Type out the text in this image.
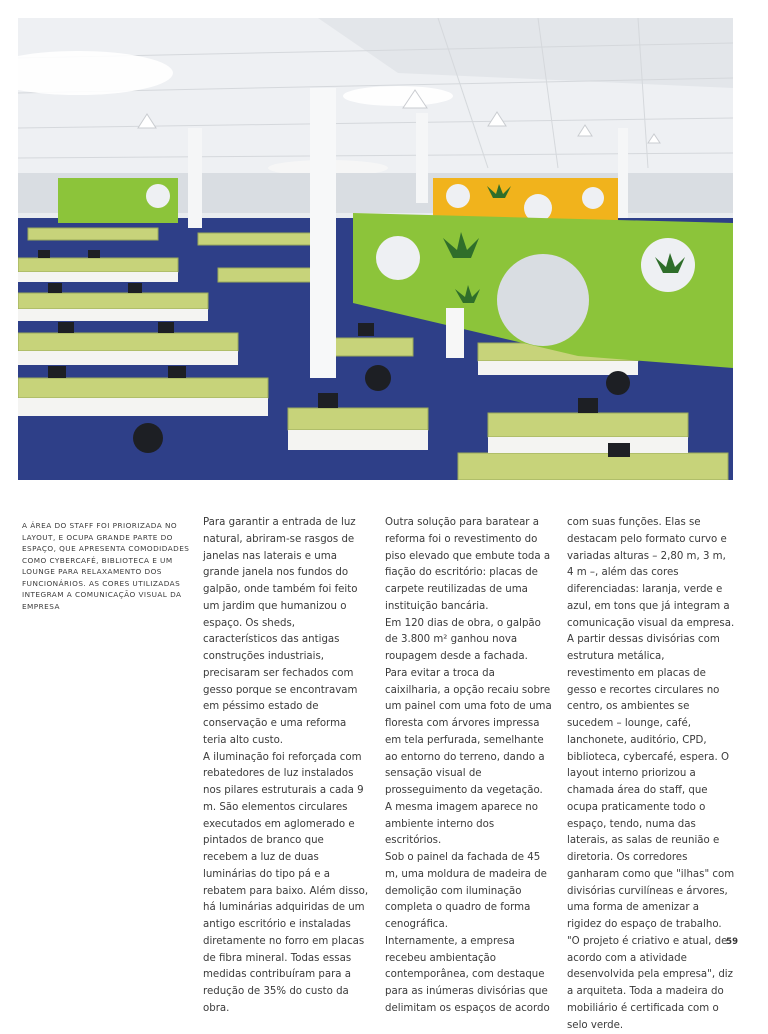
A ÁREA DO STAFF FOI PRIORIZADA NO LAYOUT, E OCUPA GRANDE PARTE DO ESPAÇO, QUE APRESENTA COMODIDADES COMO CYBERCAFÉ, BIBLIOTECA E UM LOUNGE PARA RELAXAMENTO DOS FUNCIONÁRIOS. AS CORES UTILIZADAS INTEGRAM A COMUNICAÇÃO VISUAL DA EMPRESA

Para garantir a entrada de luz natural, abriram-se rasgos de janelas nas laterais e uma grande janela nos fundos do galpão, onde também foi feito um jardim que humanizou o espaço. Os sheds, característicos das antigas construções industriais, precisaram ser fechados com gesso porque se encontravam em péssimo estado de conservação e uma reforma teria alto custo.

A iluminação foi reforçada com rebatedores de luz instalados nos pilares estruturais a cada 9 m. São elementos circulares executados em aglomerado e pintados de branco que recebem a luz de duas luminárias do tipo pá e a rebatem para baixo. Além disso, há luminárias adquiridas de um antigo escritório e instaladas diretamente no forro em placas de fibra mineral. Todas essas medidas contribuíram para a redução de 35% do custo da obra.

Outra solução para baratear a reforma foi o revestimento do piso elevado que embute toda a fiação do escritório: placas de carpete reutilizadas de uma instituição bancária.

Em 120 dias de obra, o galpão de 3.800 m² ganhou nova roupagem desde a fachada. Para evitar a troca da caixilharia, a opção recaiu sobre um painel com uma foto de uma floresta com árvores impressa em tela perfurada, semelhante ao entorno do terreno, dando a sensação visual de prosseguimento da vegetação.

A mesma imagem aparece no ambiente interno dos escritórios.

Sob o painel da fachada de 45 m, uma moldura de madeira de demolição com iluminação completa o quadro de forma cenográfica.

Internamente, a empresa recebeu ambientação contemporânea, com destaque para as inúmeras divisórias que delimitam os espaços de acordo

com suas funções. Elas se destacam pelo formato curvo e variadas alturas – 2,80 m, 3 m, 4 m –, além das cores diferenciadas: laranja, verde e azul, em tons que já integram a comunicação visual da empresa.

A partir dessas divisórias com estrutura metálica, revestimento em placas de gesso e recortes circulares no centro, os ambientes se sucedem – lounge, café, lanchonete, auditório, CPD, biblioteca, cybercafé, espera. O layout interno priorizou a chamada área do staff, que ocupa praticamente todo o espaço, tendo, numa das laterais, as salas de reunião e diretoria. Os corredores ganharam como que "ilhas" com divisórias curvilíneas e árvores, uma forma de amenizar a rigidez do espaço de trabalho. "O projeto é criativo e atual, de acordo com a atividade desenvolvida pela empresa", diz a arquiteta. Toda a madeira do mobiliário é certificada com o selo verde.

59
